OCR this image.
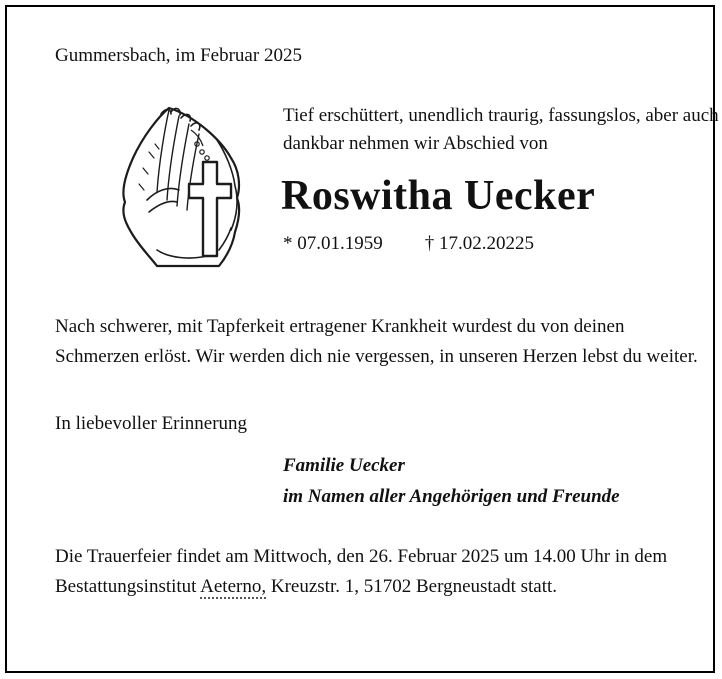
Gummersbach, im Februar 2025
Tief erschüttert, unendlich traurig, fassungslos, aber auch dankbar nehmen wir Abschied von
Roswitha Uecker
* 07.01.1959 † 17.02.20225

Nach schwerer, mit Tapferkeit ertragener Krankheit wurdest du von deinen Schmerzen erlöst. Wir werden dich nie vergessen, in unseren Herzen lebst du weiter.

In liebevoller Erinnerung
Familie Uecker
im Namen aller Angehörigen und Freunde

Die Trauerfeier findet am Mittwoch, den 26. Februar 2025 um 14.00 Uhr in dem Bestattungsinstitut Aeterno, Kreuzstr. 1, 51702 Bergneustadt statt.
